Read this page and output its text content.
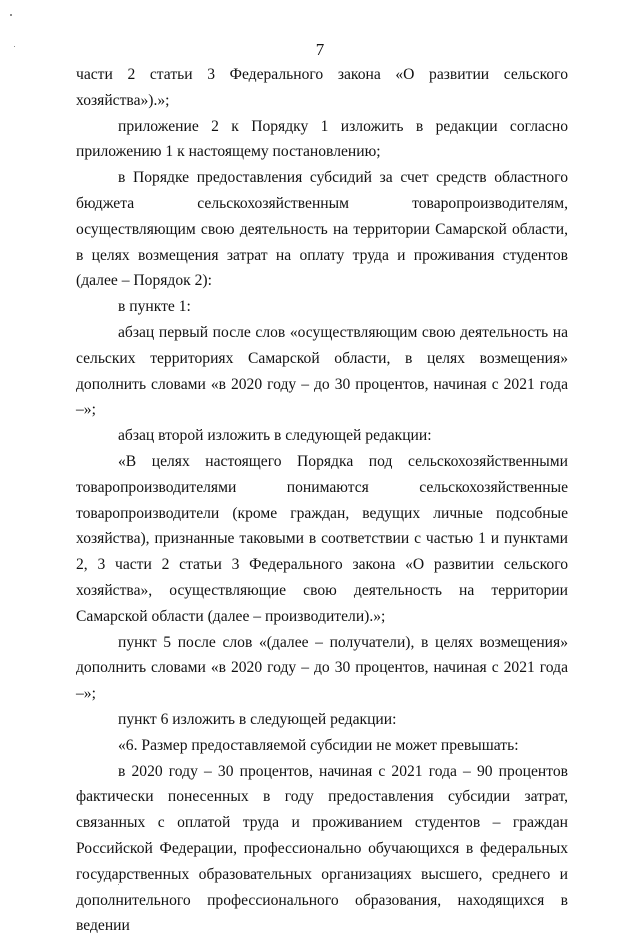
7

части 2 статьи 3 Федерального закона «О развитии сельского хозяйства»).»;

приложение 2 к Порядку 1 изложить в редакции согласно приложению 1 к настоящему постановлению;

в Порядке предоставления субсидий за счет средств областного бюджета сельскохозяйственным товаропроизводителям, осуществляющим свою деятельность на территории Самарской области, в целях возмещения затрат на оплату труда и проживания студентов (далее – Порядок 2):

в пункте 1:

абзац первый после слов «осуществляющим свою деятельность на сельских территориях Самарской области, в целях возмещения» дополнить словами «в 2020 году – до 30 процентов, начиная с 2021 года –»;

абзац второй изложить в следующей редакции:

«В целях настоящего Порядка под сельскохозяйственными товаропроизводителями понимаются сельскохозяйственные товаропроизводители (кроме граждан, ведущих личные подсобные хозяйства), признанные таковыми в соответствии с частью 1 и пунктами 2, 3 части 2 статьи 3 Федерального закона «О развитии сельского хозяйства», осуществляющие свою деятельность на территории Самарской области (далее – производители).»;

пункт 5 после слов «(далее – получатели), в целях возмещения» дополнить словами «в 2020 году – до 30 процентов, начиная с 2021 года –»;

пункт 6 изложить в следующей редакции:

«6. Размер предоставляемой субсидии не может превышать:

в 2020 году – 30 процентов, начиная с 2021 года – 90 процентов фактически понесенных в году предоставления субсидии затрат, связанных с оплатой труда и проживанием студентов – граждан Российской Федерации, профессионально обучающихся в федеральных государственных образовательных организациях высшего, среднего и дополнительного профессионального образования, находящихся в ведении
